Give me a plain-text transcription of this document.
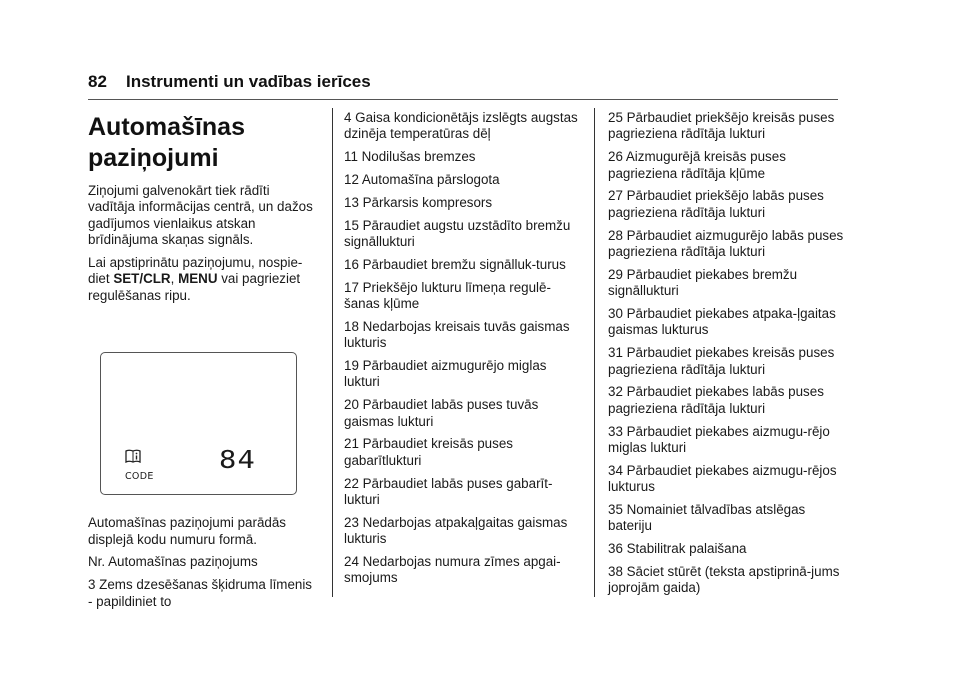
82 Instrumenti un vadības ierīces
Automašīnas
paziņojumi

Ziņojumi galvenokārt tiek rādīti vadītāja informācijas centrā, un dažos gadījumos vienlaikus atskan brīdinājuma skaņas signāls.

Lai apstiprinātu paziņojumu, nospie-diet SET/CLR, MENU vai pagrieziet regulēšanas ripu.

CODE
84

Automašīnas paziņojumi parādās displejā kodu numuru formā.

Nr. Automašīnas paziņojums

3 Zems dzesēšanas šķidruma līmenis - papildiniet to

4 Gaisa kondicionētājs izslēgts augstas dzinēja temperatūras dēļ

11 Nodilušas bremzes

12 Automašīna pārslogota

13 Pārkarsis kompresors

15 Pāraudiet augstu uzstādīto bremžu signāllukturi

16 Pārbaudiet bremžu signālluk-turus

17 Priekšējo lukturu līmeņa regulē-šanas kļūme

18 Nedarbojas kreisais tuvās gaismas lukturis

19 Pārbaudiet aizmugurējo miglas lukturi

20 Pārbaudiet labās puses tuvās gaismas lukturi

21 Pārbaudiet kreisās puses gabarītlukturi

22 Pārbaudiet labās puses gabarīt-lukturi

23 Nedarbojas atpakaļgaitas gaismas lukturis

24 Nedarbojas numura zīmes apgai-smojums

25 Pārbaudiet priekšējo kreisās puses pagrieziena rādītāja lukturi

26 Aizmugurējā kreisās puses pagrieziena rādītāja kļūme

27 Pārbaudiet priekšējo labās puses pagrieziena rādītāja lukturi

28 Pārbaudiet aizmugurējo labās puses pagrieziena rādītāja lukturi

29 Pārbaudiet piekabes bremžu signāllukturi

30 Pārbaudiet piekabes atpaka-ļgaitas gaismas lukturus

31 Pārbaudiet piekabes kreisās puses pagrieziena rādītāja lukturi

32 Pārbaudiet piekabes labās puses pagrieziena rādītāja lukturi

33 Pārbaudiet piekabes aizmugu-rējo miglas lukturi

34 Pārbaudiet piekabes aizmugu-rējos lukturus

35 Nomainiet tālvadības atslēgas bateriju

36 Stabilitrak palaišana

38 Sāciet stūrēt (teksta apstiprinā-jums joprojām gaida)
